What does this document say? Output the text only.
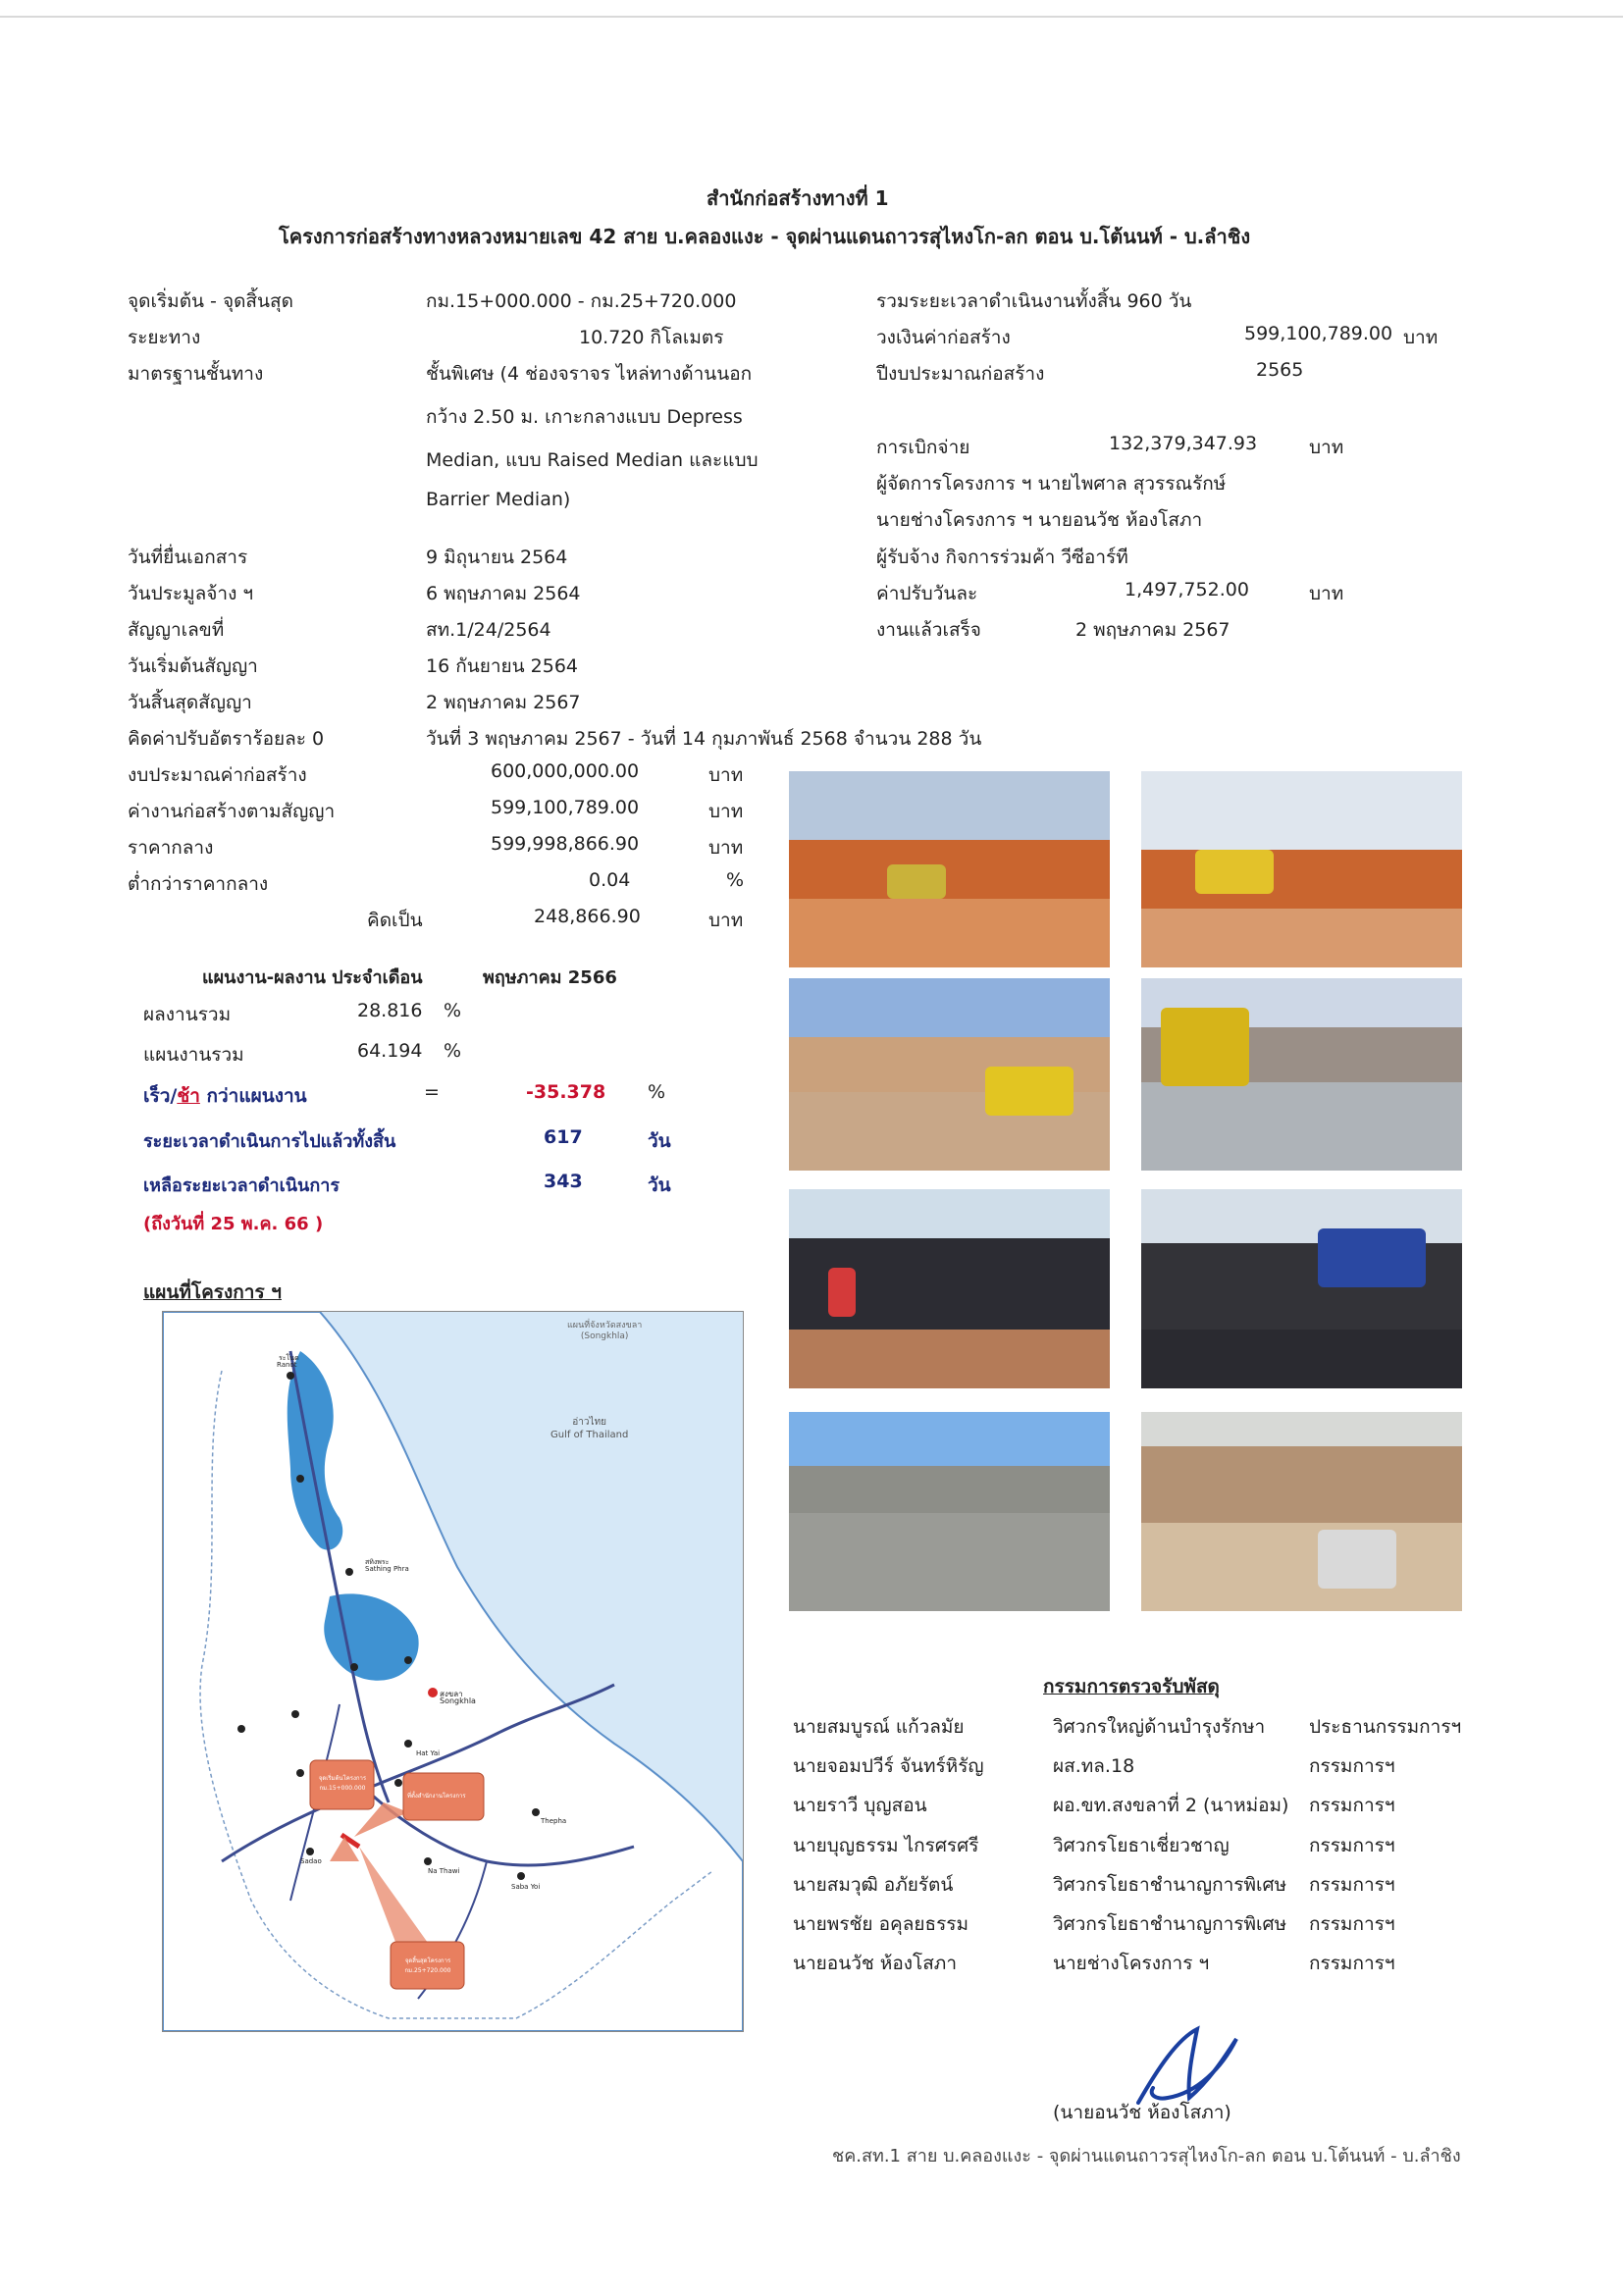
สำนักก่อสร้างทางที่ 1
โครงการก่อสร้างทางหลวงหมายเลข 42 สาย บ.คลองแงะ - จุดผ่านแดนถาวรสุไหงโก-ลก ตอน บ.โต้นนท์ - บ.ลำชิง
จุดเริ่มต้น - จุดสิ้นสุด	กม.15+000.000 - กม.25+720.000
ระยะทาง	10.720 กิโลเมตร
มาตรฐานชั้นทาง	ชั้นพิเศษ (4 ช่องจราจร ไหล่ทางด้านนอก
กว้าง 2.50 ม. เกาะกลางแบบ Depress
Median, แบบ Raised Median และแบบ
Barrier Median)
วันที่ยื่นเอกสาร	9 มิถุนายน 2564
วันประมูลจ้าง ฯ	6 พฤษภาคม 2564
สัญญาเลขที่	สท.1/24/2564
วันเริ่มต้นสัญญา	16 กันยายน 2564
วันสิ้นสุดสัญญา	2 พฤษภาคม 2567
คิดค่าปรับอัตราร้อยละ 0	วันที่ 3 พฤษภาคม 2567 - วันที่ 14 กุมภาพันธ์ 2568 จำนวน 288 วัน
รวมระยะเวลาดำเนินงานทั้งสิ้น 960 วัน
วงเงินค่าก่อสร้าง	599,100,789.00 บาท
ปีงบประมาณก่อสร้าง	2565
การเบิกจ่าย	132,379,347.93	บาท
ผู้จัดการโครงการ ฯ นายไพศาล สุวรรณรักษ์
นายช่างโครงการ ฯ นายอนวัช ห้องโสภา
ผู้รับจ้าง กิจการร่วมค้า วีซีอาร์ที
ค่าปรับวันละ	1,497,752.00	บาท
งานแล้วเสร็จ	2 พฤษภาคม 2567
งบประมาณค่าก่อสร้าง	600,000,000.00	บาท
ค่างานก่อสร้างตามสัญญา	599,100,789.00	บาท
ราคากลาง	599,998,866.90	บาท
ต่ำกว่าราคากลาง	0.04	%
คิดเป็น	248,866.90	บาท
แผนงาน-ผลงาน ประจำเดือน	พฤษภาคม 2566
ผลงานรวม	28.816 %
แผนงานรวม	64.194 %
เร็ว/ช้า กว่าแผนงาน	=	-35.378 %
ระยะเวลาดำเนินการไปแล้วทั้งสิ้น	617	วัน
เหลือระยะเวลาดำเนินการ	343	วัน
(ถึงวันที่ 25 พ.ค. 66 )
แผนที่โครงการ ฯ
แผนที่จังหวัดสงขลา
(Songkhla)
อ่าวไทย
Gulf of Thailand
ระโนด
Ranot
สทิงพระ
Sathing Phra
สงขลา
Songkhla
Hat Yai
Thepha
Sadao
Na Thawi
Saba Yoi
จุดเริ่มต้นโครงการ
กม.15+000.000
ที่ตั้งสำนักงานโครงการ
จุดสิ้นสุดโครงการ
กม.25+720.000
กรรมการตรวจรับพัสดุ
นายสมบูรณ์ แก้วลมัย	วิศวกรใหญ่ด้านบำรุงรักษา ประธานกรรมการฯ
นายจอมปวีร์ จันทร์หิรัญ	ผส.ทล.18	กรรมการฯ
นายราวี บุญสอน	ผอ.ขท.สงขลาที่ 2 (นาหม่อม) กรรมการฯ
นายบุญธรรม ไกรศรศรี	วิศวกรโยธาเชี่ยวชาญ	กรรมการฯ
นายสมวุฒิ อภัยรัตน์	วิศวกรโยธาชำนาญการพิเศษ กรรมการฯ
นายพรชัย อคุลยธรรม	วิศวกรโยธาชำนาญการพิเศษ กรรมการฯ
นายอนวัช ห้องโสภา	นายช่างโครงการ ฯ	กรรมการฯ
(นายอนวัช ห้องโสภา)
ชค.สท.1 สาย บ.คลองแงะ - จุดผ่านแดนถาวรสุไหงโก-ลก ตอน บ.โต้นนท์ - บ.ลำชิง
